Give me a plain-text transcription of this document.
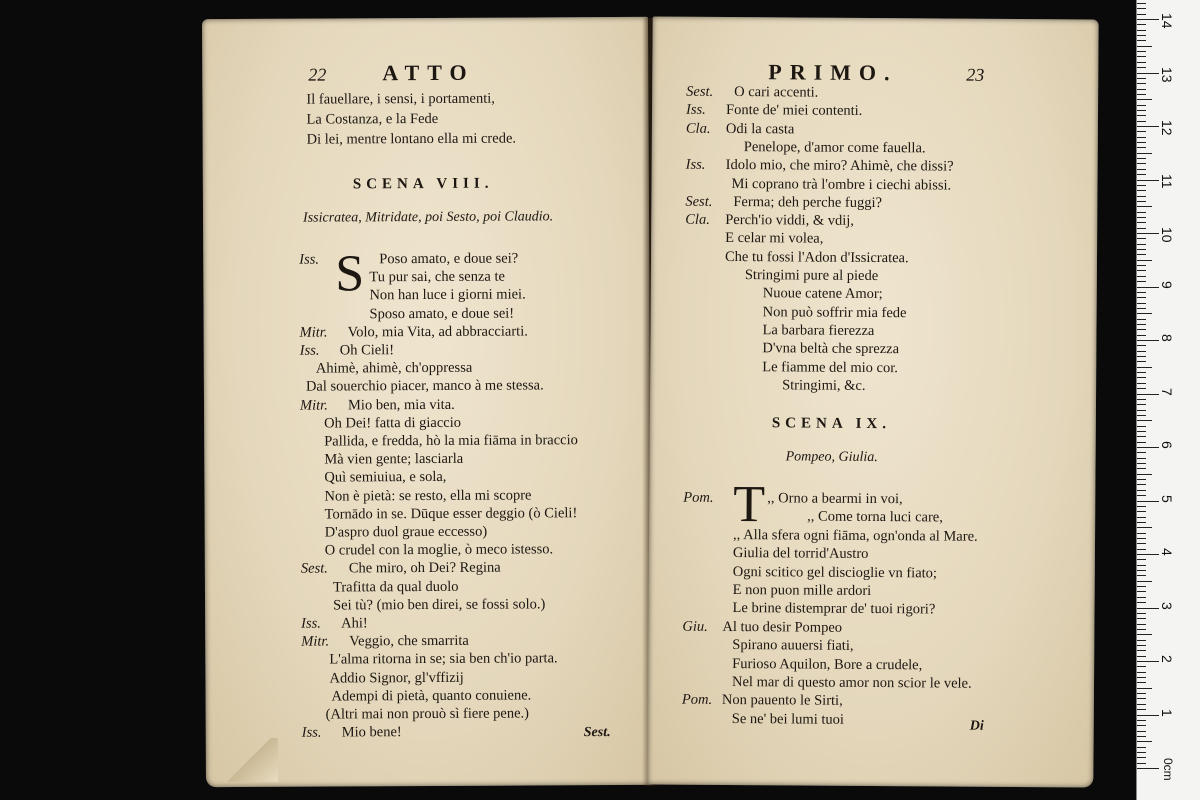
22	ATTO
Il fauellare, i sensi, i portamenti,
La Costanza, e la Fede
Di lei, mentre lontano ella mi crede.
SCENA VIII.
Issicratea, Mitridate, poi Sesto, poi Claudio.
S
Iss.	Poso amato, e doue sei?
Tu pur sai, che senza te
Non han luce i giorni miei.
Sposo amato, e doue sei!
Mitr. Volo, mia Vita, ad abbracciarti.
Iss. Oh Cieli!
Ahimè, ahimè, ch'oppressa
Dal souerchio piacer, manco à me stessa.
Mitr. Mio ben, mia vita.
Oh Dei! fatta di giaccio
Pallida, e fredda, hò la mia fiāma in braccio
Mà vien gente; lasciarla
Quì semiuiua, e sola,
Non è pietà: se resto, ella mi scopre
Tornādo in se. Dūque esser deggio (ò Cieli!
D'aspro duol graue eccesso)
O crudel con la moglie, ò meco istesso.
Sest. Che miro, oh Dei? Regina
Trafitta da qual duolo
Sei tù? (mio ben direi, se fossi solo.)
Iss. Ahi!
Mitr. Veggio, che smarrita
L'alma ritorna in se; sia ben ch'io parta.
Addio Signor, gl'vffizij
Adempi di pietà, quanto conuiene.
(Altri mai non prouò sì fiere pene.)
Iss. Mio bene!	Sest.
PRIMO.	23
Sest. O cari accenti.
Iss. Fonte de' miei contenti.
Cla. Odi la casta
Penelope, d'amor come fauella.
Iss. Idolo mio, che miro? Ahimè, che dissi?
Mi coprano trà l'ombre i ciechi abissi.
Sest. Ferma; deh perche fuggi?
Cla. Perch'io viddi, & vdij,
E celar mi volea,
Che tu fossi l'Adon d'Issicratea.
Stringimi pure al piede
Nuoue catene Amor;
Non può soffrir mia fede
La barbara fierezza
D'vna beltà che sprezza
Le fiamme del mio cor.
Stringimi, &c.
SCENA IX.
Pompeo, Giulia.
T
Pom.	,, Orno a bearmi in voi,
,, Come torna luci care,
,, Alla sfera ogni fiāma, ogn'onda al Mare.
Giulia del torrid'Austro
Ogni scitico gel discioglie vn fiato;
E non puon mille ardori
Le brine distemprar de' tuoi rigori?
Giu. Al tuo desir Pompeo
Spirano auuersi fiati,
Furioso Aquilon, Bore a crudele,
Nel mar di questo amor non scior le vele.
Pom. Non pauento le Sirti,
Se ne' bei lumi tuoi	Di
0cm
1
2
3
4
5
6
7
8
9
10
11
12
13
14
